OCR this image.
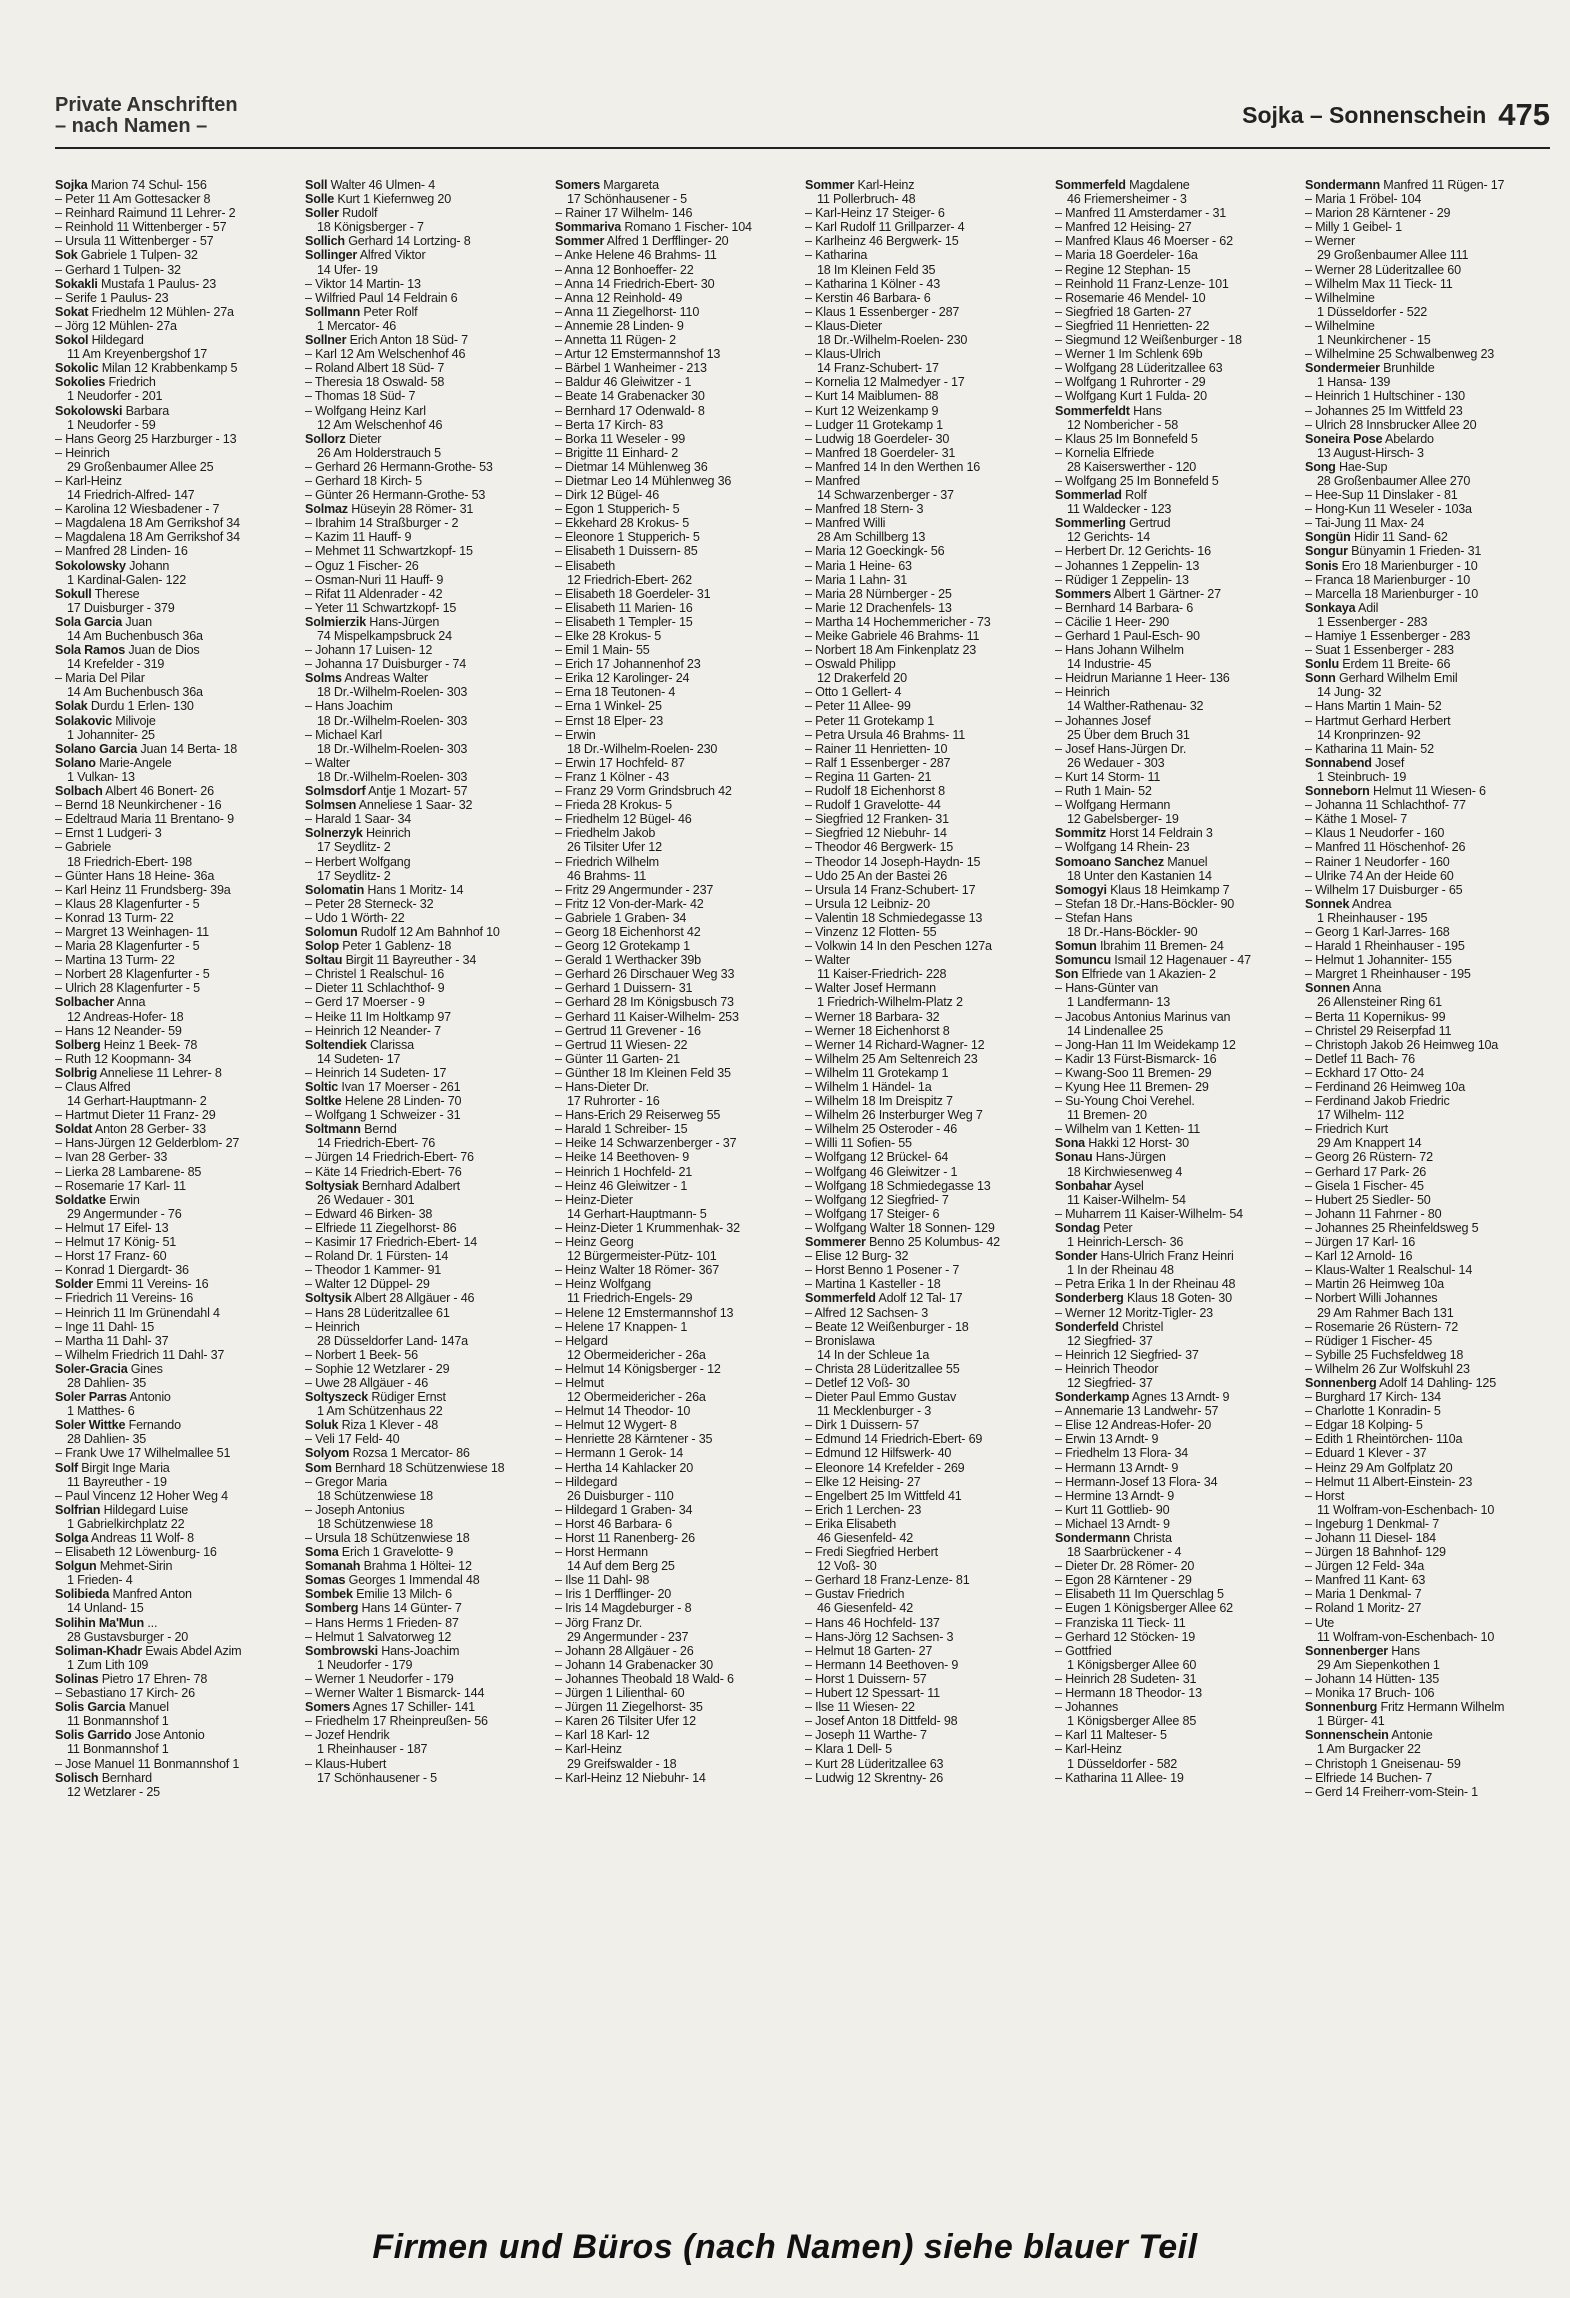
Private Anschriften
– nach Namen –	Sojka – Sonnenschein 475
Sojka Marion 74 Schul- 156
– Peter 11 Am Gottesacker 8
– Reinhard Raimund 11 Lehrer- 2
– Reinhold 11 Wittenberger - 57
– Ursula 11 Wittenberger - 57
Sok Gabriele 1 Tulpen- 32
– Gerhard 1 Tulpen- 32
Sokakli Mustafa 1 Paulus- 23
– Serife 1 Paulus- 23
Sokat Friedhelm 12 Mühlen- 27a
– Jörg 12 Mühlen- 27a
Sokol Hildegard
11 Am Kreyenbergshof 17
Sokolic Milan 12 Krabbenkamp 5
Sokolies Friedrich
1 Neudorfer - 201
Sokolowski Barbara
1 Neudorfer - 59
– Hans Georg 25 Harzburger - 13
– Heinrich
29 Großenbaumer Allee 25
– Karl-Heinz
14 Friedrich-Alfred- 147
– Karolina 12 Wiesbadener - 7
– Magdalena 18 Am Gerrikshof 34
– Magdalena 18 Am Gerrikshof 34
– Manfred 28 Linden- 16
Sokolowsky Johann
1 Kardinal-Galen- 122
Sokull Therese
17 Duisburger - 379
Sola Garcia Juan
14 Am Buchenbusch 36a
Sola Ramos Juan de Dios
14 Krefelder - 319
– Maria Del Pilar
14 Am Buchenbusch 36a
Solak Durdu 1 Erlen- 130
Solakovic Milivoje
1 Johanniter- 25
Solano Garcia Juan 14 Berta- 18
Solano Marie-Angele
1 Vulkan- 13
Solbach Albert 46 Bonert- 26
– Bernd 18 Neunkirchener - 16
– Edeltraud Maria 11 Brentano- 9
– Ernst 1 Ludgeri- 3
– Gabriele
18 Friedrich-Ebert- 198
– Günter Hans 18 Heine- 36a
– Karl Heinz 11 Frundsberg- 39a
– Klaus 28 Klagenfurter - 5
– Konrad 13 Turm- 22
– Margret 13 Weinhagen- 11
– Maria 28 Klagenfurter - 5
– Martina 13 Turm- 22
– Norbert 28 Klagenfurter - 5
– Ulrich 28 Klagenfurter - 5
Solbacher Anna
12 Andreas-Hofer- 18
– Hans 12 Neander- 59
Solberg Heinz 1 Beek- 78
– Ruth 12 Koopmann- 34
Solbrig Anneliese 11 Lehrer- 8
– Claus Alfred
14 Gerhart-Hauptmann- 2
– Hartmut Dieter 11 Franz- 29
Soldat Anton 28 Gerber- 33
– Hans-Jürgen 12 Gelderblom- 27
– Ivan 28 Gerber- 33
– Lierka 28 Lambarene- 85
– Rosemarie 17 Karl- 11
Soldatke Erwin
29 Angermunder - 76
– Helmut 17 Eifel- 13
– Helmut 17 König- 51
– Horst 17 Franz- 60
– Konrad 1 Diergardt- 36
Solder Emmi 11 Vereins- 16
– Friedrich 11 Vereins- 16
– Heinrich 11 Im Grünendahl 4
– Inge 11 Dahl- 15
– Martha 11 Dahl- 37
– Wilhelm Friedrich 11 Dahl- 37
Soler-Gracia Gines
28 Dahlien- 35
Soler Parras Antonio
1 Matthes- 6
Soler Wittke Fernando
28 Dahlien- 35
– Frank Uwe 17 Wilhelmallee 51
Solf Birgit Inge Maria
11 Bayreuther - 19
– Paul Vincenz 12 Hoher Weg 4
Solfrian Hildegard Luise
1 Gabrielkirchplatz 22
Solga Andreas 11 Wolf- 8
– Elisabeth 12 Löwenburg- 16
Solgun Mehmet-Sirin
1 Frieden- 4
Solibieda Manfred Anton
14 Unland- 15
Solihin Ma'Mun ...
28 Gustavsburger - 20
Soliman-Khadr Ewais Abdel Azim
1 Zum Lith 109
Solinas Pietro 17 Ehren- 78
– Sebastiano 17 Kirch- 26
Solis Garcia Manuel
11 Bonmannshof 1
Solis Garrido Jose Antonio
11 Bonmannshof 1
– Jose Manuel 11 Bonmannshof 1
Solisch Bernhard
12 Wetzlarer - 25
Soll Walter 46 Ulmen- 4
Solle Kurt 1 Kiefernweg 20
Soller Rudolf
18 Königsberger - 7
Sollich Gerhard 14 Lortzing- 8
Sollinger Alfred Viktor
14 Ufer- 19
– Viktor 14 Martin- 13
– Wilfried Paul 14 Feldrain 6
Sollmann Peter Rolf
1 Mercator- 46
Sollner Erich Anton 18 Süd- 7
– Karl 12 Am Welschenhof 46
– Roland Albert 18 Süd- 7
– Theresia 18 Oswald- 58
– Thomas 18 Süd- 7
– Wolfgang Heinz Karl
12 Am Welschenhof 46
Sollorz Dieter
26 Am Holderstrauch 5
– Gerhard 26 Hermann-Grothe- 53
– Gerhard 18 Kirch- 5
– Günter 26 Hermann-Grothe- 53
Solmaz Hüseyin 28 Römer- 31
– Ibrahim 14 Straßburger - 2
– Kazim 11 Hauff- 9
– Mehmet 11 Schwartzkopf- 15
– Oguz 1 Fischer- 26
– Osman-Nuri 11 Hauff- 9
– Rifat 11 Aldenrader - 42
– Yeter 11 Schwartzkopf- 15
Solmierzik Hans-Jürgen
74 Mispelkampsbruck 24
– Johann 17 Luisen- 12
– Johanna 17 Duisburger - 74
Solms Andreas Walter
18 Dr.-Wilhelm-Roelen- 303
– Hans Joachim
18 Dr.-Wilhelm-Roelen- 303
– Michael Karl
18 Dr.-Wilhelm-Roelen- 303
– Walter
18 Dr.-Wilhelm-Roelen- 303
Solmsdorf Antje 1 Mozart- 57
Solmsen Anneliese 1 Saar- 32
– Harald 1 Saar- 34
Solnerzyk Heinrich
17 Seydlitz- 2
– Herbert Wolfgang
17 Seydlitz- 2
Solomatin Hans 1 Moritz- 14
– Peter 28 Sterneck- 32
– Udo 1 Wörth- 22
Solomun Rudolf 12 Am Bahnhof 10
Solop Peter 1 Gablenz- 18
Soltau Birgit 11 Bayreuther - 34
– Christel 1 Realschul- 16
– Dieter 11 Schlachthof- 9
– Gerd 17 Moerser - 9
– Heike 11 Im Holtkamp 97
– Heinrich 12 Neander- 7
Soltendiek Clarissa
14 Sudeten- 17
– Heinrich 14 Sudeten- 17
Soltic Ivan 17 Moerser - 261
Soltke Helene 28 Linden- 70
– Wolfgang 1 Schweizer - 31
Soltmann Bernd
14 Friedrich-Ebert- 76
– Jürgen 14 Friedrich-Ebert- 76
– Käte 14 Friedrich-Ebert- 76
Soltysiak Bernhard Adalbert
26 Wedauer - 301
– Edward 46 Birken- 38
– Elfriede 11 Ziegelhorst- 86
– Kasimir 17 Friedrich-Ebert- 14
– Roland Dr. 1 Fürsten- 14
– Theodor 1 Kammer- 91
– Walter 12 Düppel- 29
Soltysik Albert 28 Allgäuer - 46
– Hans 28 Lüderitzallee 61
– Heinrich
28 Düsseldorfer Land- 147a
– Norbert 1 Beek- 56
– Sophie 12 Wetzlarer - 29
– Uwe 28 Allgäuer - 46
Soltyszeck Rüdiger Ernst
1 Am Schützenhaus 22
Soluk Riza 1 Klever - 48
– Veli 17 Feld- 40
Solyom Rozsa 1 Mercator- 86
Som Bernhard 18 Schützenwiese 18
– Gregor Maria
18 Schützenwiese 18
– Joseph Antonius
18 Schützenwiese 18
– Ursula 18 Schützenwiese 18
Soma Erich 1 Gravelotte- 9
Somanah Brahma 1 Höltei- 12
Somas Georges 1 Immendal 48
Sombek Emilie 13 Milch- 6
Somberg Hans 14 Günter- 7
– Hans Herms 1 Frieden- 87
– Helmut 1 Salvatorweg 12
Sombrowski Hans-Joachim
1 Neudorfer - 179
– Werner 1 Neudorfer - 179
– Werner Walter 1 Bismarck- 144
Somers Agnes 17 Schiller- 141
– Friedhelm 17 Rheinpreußen- 56
– Jozef Hendrik
1 Rheinhauser - 187
– Klaus-Hubert
17 Schönhausener - 5
Somers Margareta
17 Schönhausener - 5
– Rainer 17 Wilhelm- 146
Sommariva Romano 1 Fischer- 104
Sommer Alfred 1 Derfflinger- 20
– Anke Helene 46 Brahms- 11
– Anna 12 Bonhoeffer- 22
– Anna 14 Friedrich-Ebert- 30
– Anna 12 Reinhold- 49
– Anna 11 Ziegelhorst- 110
– Annemie 28 Linden- 9
– Annetta 11 Rügen- 2
– Artur 12 Emstermannshof 13
– Bärbel 1 Wanheimer - 213
– Baldur 46 Gleiwitzer - 1
– Beate 14 Grabenacker 30
– Bernhard 17 Odenwald- 8
– Berta 17 Kirch- 83
– Borka 11 Weseler - 99
– Brigitte 11 Einhard- 2
– Dietmar 14 Mühlenweg 36
– Dietmar Leo 14 Mühlenweg 36
– Dirk 12 Bügel- 46
– Egon 1 Stupperich- 5
– Ekkehard 28 Krokus- 5
– Eleonore 1 Stupperich- 5
– Elisabeth 1 Duissern- 85
– Elisabeth
12 Friedrich-Ebert- 262
– Elisabeth 18 Goerdeler- 31
– Elisabeth 11 Marien- 16
– Elisabeth 1 Templer- 15
– Elke 28 Krokus- 5
– Emil 1 Main- 55
– Erich 17 Johannenhof 23
– Erika 12 Karolinger- 24
– Erna 18 Teutonen- 4
– Erna 1 Winkel- 25
– Ernst 18 Elper- 23
– Erwin
18 Dr.-Wilhelm-Roelen- 230
– Erwin 17 Hochfeld- 87
– Franz 1 Kölner - 43
– Franz 29 Vorm Grindsbruch 42
– Frieda 28 Krokus- 5
– Friedhelm 12 Bügel- 46
– Friedhelm Jakob
26 Tilsiter Ufer 12
– Friedrich Wilhelm
46 Brahms- 11
– Fritz 29 Angermunder - 237
– Fritz 12 Von-der-Mark- 42
– Gabriele 1 Graben- 34
– Georg 18 Eichenhorst 42
– Georg 12 Grotekamp 1
– Gerald 1 Werthacker 39b
– Gerhard 26 Dirschauer Weg 33
– Gerhard 1 Duissern- 31
– Gerhard 28 Im Königsbusch 73
– Gerhard 11 Kaiser-Wilhelm- 253
– Gertrud 11 Grevener - 16
– Gertrud 11 Wiesen- 22
– Günter 11 Garten- 21
– Günther 18 Im Kleinen Feld 35
– Hans-Dieter Dr.
17 Ruhrorter - 16
– Hans-Erich 29 Reiserweg 55
– Harald 1 Schreiber- 15
– Heike 14 Schwarzenberger - 37
– Heike 14 Beethoven- 9
– Heinrich 1 Hochfeld- 21
– Heinz 46 Gleiwitzer - 1
– Heinz-Dieter
14 Gerhart-Hauptmann- 5
– Heinz-Dieter 1 Krummenhak- 32
– Heinz Georg
12 Bürgermeister-Pütz- 101
– Heinz Walter 18 Römer- 367
– Heinz Wolfgang
11 Friedrich-Engels- 29
– Helene 12 Emstermannshof 13
– Helene 17 Knappen- 1
– Helgard
12 Obermeidericher - 26a
– Helmut 14 Königsberger - 12
– Helmut
12 Obermeidericher - 26a
– Helmut 14 Theodor- 10
– Helmut 12 Wygert- 8
– Henriette 28 Kärntener - 35
– Hermann 1 Gerok- 14
– Hertha 14 Kahlacker 20
– Hildegard
26 Duisburger - 110
– Hildegard 1 Graben- 34
– Horst 46 Barbara- 6
– Horst 11 Ranenberg- 26
– Horst Hermann
14 Auf dem Berg 25
– Ilse 11 Dahl- 98
– Iris 1 Derfflinger- 20
– Iris 14 Magdeburger - 8
– Jörg Franz Dr.
29 Angermunder - 237
– Johann 28 Allgäuer - 26
– Johann 14 Grabenacker 30
– Johannes Theobald 18 Wald- 6
– Jürgen 1 Lilienthal- 60
– Jürgen 11 Ziegelhorst- 35
– Karen 26 Tilsiter Ufer 12
– Karl 18 Karl- 12
– Karl-Heinz
29 Greifswalder - 18
– Karl-Heinz 12 Niebuhr- 14
Sommer Karl-Heinz
11 Pollerbruch- 48
– Karl-Heinz 17 Steiger- 6
– Karl Rudolf 11 Grillparzer- 4
– Karlheinz 46 Bergwerk- 15
– Katharina
18 Im Kleinen Feld 35
– Katharina 1 Kölner - 43
– Kerstin 46 Barbara- 6
– Klaus 1 Essenberger - 287
– Klaus-Dieter
18 Dr.-Wilhelm-Roelen- 230
– Klaus-Ulrich
14 Franz-Schubert- 17
– Kornelia 12 Malmedyer - 17
– Kurt 14 Maiblumen- 88
– Kurt 12 Weizenkamp 9
– Ludger 11 Grotekamp 1
– Ludwig 18 Goerdeler- 30
– Manfred 18 Goerdeler- 31
– Manfred 14 In den Werthen 16
– Manfred
14 Schwarzenberger - 37
– Manfred 18 Stern- 3
– Manfred Willi
28 Am Schillberg 13
– Maria 12 Goeckingk- 56
– Maria 1 Heine- 63
– Maria 1 Lahn- 31
– Maria 28 Nürnberger - 25
– Marie 12 Drachenfels- 13
– Martha 14 Hochemmericher - 73
– Meike Gabriele 46 Brahms- 11
– Norbert 18 Am Finkenplatz 23
– Oswald Philipp
12 Drakerfeld 20
– Otto 1 Gellert- 4
– Peter 11 Allee- 99
– Peter 11 Grotekamp 1
– Petra Ursula 46 Brahms- 11
– Rainer 11 Henrietten- 10
– Ralf 1 Essenberger - 287
– Regina 11 Garten- 21
– Rudolf 18 Eichenhorst 8
– Rudolf 1 Gravelotte- 44
– Siegfried 12 Franken- 31
– Siegfried 12 Niebuhr- 14
– Theodor 46 Bergwerk- 15
– Theodor 14 Joseph-Haydn- 15
– Udo 25 An der Bastei 26
– Ursula 14 Franz-Schubert- 17
– Ursula 12 Leibniz- 20
– Valentin 18 Schmiedegasse 13
– Vinzenz 12 Flotten- 55
– Volkwin 14 In den Peschen 127a
– Walter
11 Kaiser-Friedrich- 228
– Walter Josef Hermann
1 Friedrich-Wilhelm-Platz 2
– Werner 18 Barbara- 32
– Werner 18 Eichenhorst 8
– Werner 14 Richard-Wagner- 12
– Wilhelm 25 Am Seltenreich 23
– Wilhelm 11 Grotekamp 1
– Wilhelm 1 Händel- 1a
– Wilhelm 18 Im Dreispitz 7
– Wilhelm 26 Insterburger Weg 7
– Wilhelm 25 Osteroder - 46
– Willi 11 Sofien- 55
– Wolfgang 12 Brückel- 64
– Wolfgang 46 Gleiwitzer - 1
– Wolfgang 18 Schmiedegasse 13
– Wolfgang 12 Siegfried- 7
– Wolfgang 17 Steiger- 6
– Wolfgang Walter 18 Sonnen- 129
Sommerer Benno 25 Kolumbus- 42
– Elise 12 Burg- 32
– Horst Benno 1 Posener - 7
– Martina 1 Kasteller - 18
Sommerfeld Adolf 12 Tal- 17
– Alfred 12 Sachsen- 3
– Beate 12 Weißenburger - 18
– Bronislawa
14 In der Schleue 1a
– Christa 28 Lüderitzallee 55
– Detlef 12 Voß- 30
– Dieter Paul Emmo Gustav
11 Mecklenburger - 3
– Dirk 1 Duissern- 57
– Edmund 14 Friedrich-Ebert- 69
– Edmund 12 Hilfswerk- 40
– Eleonore 14 Krefelder - 269
– Elke 12 Heising- 27
– Engelbert 25 Im Wittfeld 41
– Erich 1 Lerchen- 23
– Erika Elisabeth
46 Giesenfeld- 42
– Fredi Siegfried Herbert
12 Voß- 30
– Gerhard 18 Franz-Lenze- 81
– Gustav Friedrich
46 Giesenfeld- 42
– Hans 46 Hochfeld- 137
– Hans-Jörg 12 Sachsen- 3
– Helmut 18 Garten- 27
– Hermann 14 Beethoven- 9
– Horst 1 Duissern- 57
– Hubert 12 Spessart- 11
– Ilse 11 Wiesen- 22
– Josef Anton 18 Dittfeld- 98
– Joseph 11 Warthe- 7
– Klara 1 Dell- 5
– Kurt 28 Lüderitzallee 63
– Ludwig 12 Skrentny- 26
Sommerfeld Magdalene
46 Friemersheimer - 3
– Manfred 11 Amsterdamer - 31
– Manfred 12 Heising- 27
– Manfred Klaus 46 Moerser - 62
– Maria 18 Goerdeler- 16a
– Regine 12 Stephan- 15
– Reinhold 11 Franz-Lenze- 101
– Rosemarie 46 Mendel- 10
– Siegfried 18 Garten- 27
– Siegfried 11 Henrietten- 22
– Siegmund 12 Weißenburger - 18
– Werner 1 Im Schlenk 69b
– Wolfgang 28 Lüderitzallee 63
– Wolfgang 1 Ruhrorter - 29
– Wolfgang Kurt 1 Fulda- 20
Sommerfeldt Hans
12 Nombericher - 58
– Klaus 25 Im Bonnefeld 5
– Kornelia Elfriede
28 Kaiserswerther - 120
– Wolfgang 25 Im Bonnefeld 5
Sommerlad Rolf
11 Waldecker - 123
Sommerling Gertrud
12 Gerichts- 14
– Herbert Dr. 12 Gerichts- 16
– Johannes 1 Zeppelin- 13
– Rüdiger 1 Zeppelin- 13
Sommers Albert 1 Gärtner- 27
– Bernhard 14 Barbara- 6
– Cäcilie 1 Heer- 290
– Gerhard 1 Paul-Esch- 90
– Hans Johann Wilhelm
14 Industrie- 45
– Heidrun Marianne 1 Heer- 136
– Heinrich
14 Walther-Rathenau- 32
– Johannes Josef
25 Über dem Bruch 31
– Josef Hans-Jürgen Dr.
26 Wedauer - 303
– Kurt 14 Storm- 11
– Ruth 1 Main- 52
– Wolfgang Hermann
12 Gabelsberger- 19
Sommitz Horst 14 Feldrain 3
– Wolfgang 14 Rhein- 23
Somoano Sanchez Manuel
18 Unter den Kastanien 14
Somogyi Klaus 18 Heimkamp 7
– Stefan 18 Dr.-Hans-Böckler- 90
– Stefan Hans
18 Dr.-Hans-Böckler- 90
Somun Ibrahim 11 Bremen- 24
Somuncu Ismail 12 Hagenauer - 47
Son Elfriede van 1 Akazien- 2
– Hans-Günter van
1 Landfermann- 13
– Jacobus Antonius Marinus van
14 Lindenallee 25
– Jong-Han 11 Im Weidekamp 12
– Kadir 13 Fürst-Bismarck- 16
– Kwang-Soo 11 Bremen- 29
– Kyung Hee 11 Bremen- 29
– Su-Young Choi Verehel.
11 Bremen- 20
– Wilhelm van 1 Ketten- 11
Sona Hakki 12 Horst- 30
Sonau Hans-Jürgen
18 Kirchwiesenweg 4
Sonbahar Aysel
11 Kaiser-Wilhelm- 54
– Muharrem 11 Kaiser-Wilhelm- 54
Sondag Peter
1 Heinrich-Lersch- 36
Sonder Hans-Ulrich Franz Heinri
1 In der Rheinau 48
– Petra Erika 1 In der Rheinau 48
Sonderberg Klaus 18 Goten- 30
– Werner 12 Moritz-Tigler- 23
Sonderfeld Christel
12 Siegfried- 37
– Heinrich 12 Siegfried- 37
– Heinrich Theodor
12 Siegfried- 37
Sonderkamp Agnes 13 Arndt- 9
– Annemarie 13 Landwehr- 57
– Elise 12 Andreas-Hofer- 20
– Erwin 13 Arndt- 9
– Friedhelm 13 Flora- 34
– Hermann 13 Arndt- 9
– Hermann-Josef 13 Flora- 34
– Hermine 13 Arndt- 9
– Kurt 11 Gottlieb- 90
– Michael 13 Arndt- 9
Sondermann Christa
18 Saarbrückener - 4
– Dieter Dr. 28 Römer- 20
– Egon 28 Kärntener - 29
– Elisabeth 11 Im Querschlag 5
– Eugen 1 Königsberger Allee 62
– Franziska 11 Tieck- 11
– Gerhard 12 Stöcken- 19
– Gottfried
1 Königsberger Allee 60
– Heinrich 28 Sudeten- 31
– Hermann 18 Theodor- 13
– Johannes
1 Königsberger Allee 85
– Karl 11 Malteser- 5
– Karl-Heinz
1 Düsseldorfer - 582
– Katharina 11 Allee- 19
Sondermann Manfred 11 Rügen- 17
– Maria 1 Fröbel- 104
– Marion 28 Kärntener - 29
– Milly 1 Geibel- 1
– Werner
29 Großenbaumer Allee 111
– Werner 28 Lüderitzallee 60
– Wilhelm Max 11 Tieck- 11
– Wilhelmine
1 Düsseldorfer - 522
– Wilhelmine
1 Neunkirchener - 15
– Wilhelmine 25 Schwalbenweg 23
Sondermeier Brunhilde
1 Hansa- 139
– Heinrich 1 Hultschiner - 130
– Johannes 25 Im Wittfeld 23
– Ulrich 28 Innsbrucker Allee 20
Soneira Pose Abelardo
13 August-Hirsch- 3
Song Hae-Sup
28 Großenbaumer Allee 270
– Hee-Sup 11 Dinslaker - 81
– Hong-Kun 11 Weseler - 103a
– Tai-Jung 11 Max- 24
Songün Hidir 11 Sand- 62
Songur Bünyamin 1 Frieden- 31
Sonis Ero 18 Marienburger - 10
– Franca 18 Marienburger - 10
– Marcella 18 Marienburger - 10
Sonkaya Adil
1 Essenberger - 283
– Hamiye 1 Essenberger - 283
– Suat 1 Essenberger - 283
Sonlu Erdem 11 Breite- 66
Sonn Gerhard Wilhelm Emil
14 Jung- 32
– Hans Martin 1 Main- 52
– Hartmut Gerhard Herbert
14 Kronprinzen- 92
– Katharina 11 Main- 52
Sonnabend Josef
1 Steinbruch- 19
Sonneborn Helmut 11 Wiesen- 6
– Johanna 11 Schlachthof- 77
– Käthe 1 Mosel- 7
– Klaus 1 Neudorfer - 160
– Manfred 11 Höschenhof- 26
– Rainer 1 Neudorfer - 160
– Ulrike 74 An der Heide 60
– Wilhelm 17 Duisburger - 65
Sonnek Andrea
1 Rheinhauser - 195
– Georg 1 Karl-Jarres- 168
– Harald 1 Rheinhauser - 195
– Helmut 1 Johanniter- 155
– Margret 1 Rheinhauser - 195
Sonnen Anna
26 Allensteiner Ring 61
– Berta 11 Kopernikus- 99
– Christel 29 Reiserpfad 11
– Christoph Jakob 26 Heimweg 10a
– Detlef 11 Bach- 76
– Eckhard 17 Otto- 24
– Ferdinand 26 Heimweg 10a
– Ferdinand Jakob Friedric
17 Wilhelm- 112
– Friedrich Kurt
29 Am Knappert 14
– Georg 26 Rüstern- 72
– Gerhard 17 Park- 26
– Gisela 1 Fischer- 45
– Hubert 25 Siedler- 50
– Johann 11 Fahrner - 80
– Johannes 25 Rheinfeldsweg 5
– Jürgen 17 Karl- 16
– Karl 12 Arnold- 16
– Klaus-Walter 1 Realschul- 14
– Martin 26 Heimweg 10a
– Norbert Willi Johannes
29 Am Rahmer Bach 131
– Rosemarie 26 Rüstern- 72
– Rüdiger 1 Fischer- 45
– Sybille 25 Fuchsfeldweg 18
– Wilhelm 26 Zur Wolfskuhl 23
Sonnenberg Adolf 14 Dahling- 125
– Burghard 17 Kirch- 134
– Charlotte 1 Konradin- 5
– Edgar 18 Kolping- 5
– Edith 1 Rheintörchen- 110a
– Eduard 1 Klever - 37
– Heinz 29 Am Golfplatz 20
– Helmut 11 Albert-Einstein- 23
– Horst
11 Wolfram-von-Eschenbach- 10
– Ingeburg 1 Denkmal- 7
– Johann 11 Diesel- 184
– Jürgen 18 Bahnhof- 129
– Jürgen 12 Feld- 34a
– Manfred 11 Kant- 63
– Maria 1 Denkmal- 7
– Roland 1 Moritz- 27
– Ute
11 Wolfram-von-Eschenbach- 10
Sonnenberger Hans
29 Am Siepenkothen 1
– Johann 14 Hütten- 135
– Monika 17 Bruch- 106
Sonnenburg Fritz Hermann Wilhelm
1 Bürger- 41
Sonnenschein Antonie
1 Am Burgacker 22
– Christoph 1 Gneisenau- 59
– Elfriede 14 Buchen- 7
– Gerd 14 Freiherr-vom-Stein- 1
Firmen und Büros (nach Namen) siehe blauer Teil
